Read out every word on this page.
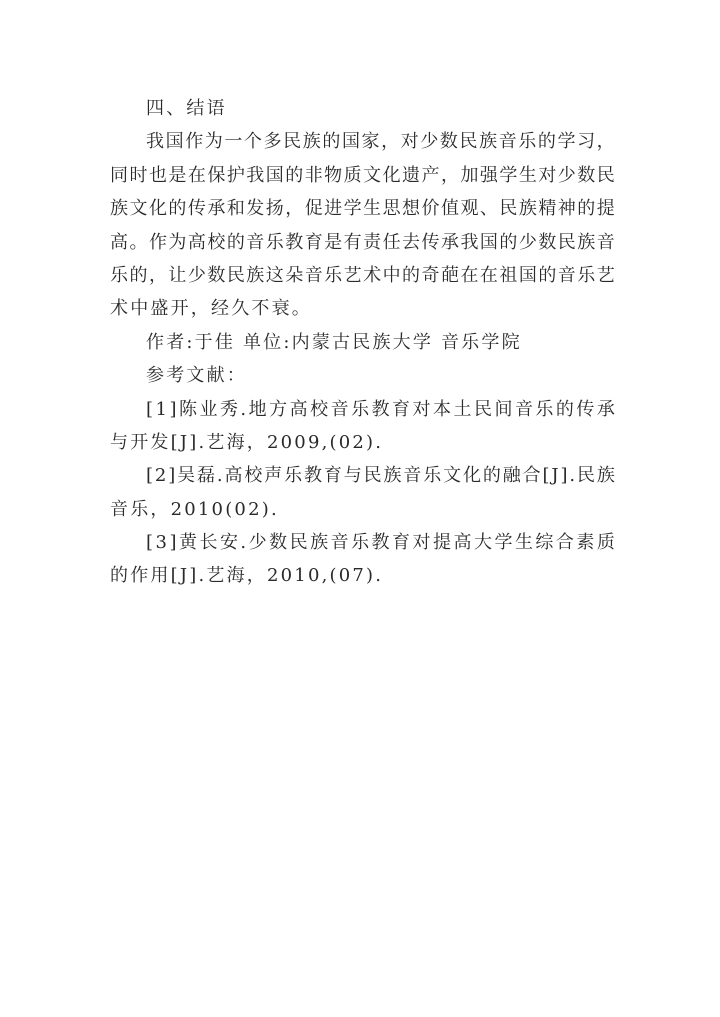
四、结语
我 国 作 为 一 个 多 民 族 的 国 家 ， 对 少 数 民 族 音 乐 的 学 习 ，
同 时 也 是 在 保 护 我 国 的 非 物 质 文 化 遗 产 ， 加 强 学 生 对 少 数 民
族 文 化 的 传 承 和 发 扬 ， 促 进 学 生 思 想 价 值 观 、 民 族 精 神 的 提
高 。 作 为 高 校 的 音 乐 教 育 是 有 责 任 去 传 承 我 国 的 少 数 民 族 音
乐 的 ， 让 少 数 民 族 这 朵 音 乐 艺 术 中 的 奇 葩 在 在 祖 国 的 音 乐 艺
术中盛开，经久不衰。
作者:于佳 单位:内蒙古民族大学 音乐学院
参考文献：
[ 1 ] 陈 业 秀 . 地 方 高 校 音 乐 教 育 对 本 土 民 间 音 乐 的 传 承
与开发[J].艺海，2009,(02).
[ 2 ] 吴 磊 . 高 校 声 乐 教 育 与 民 族 音 乐 文 化 的 融 合 [ J ] . 民 族
音乐，2010(02).
[ 3 ] 黄 长 安 . 少 数 民 族 音 乐 教 育 对 提 高 大 学 生 综 合 素 质
的作用[J].艺海，2010,(07).
